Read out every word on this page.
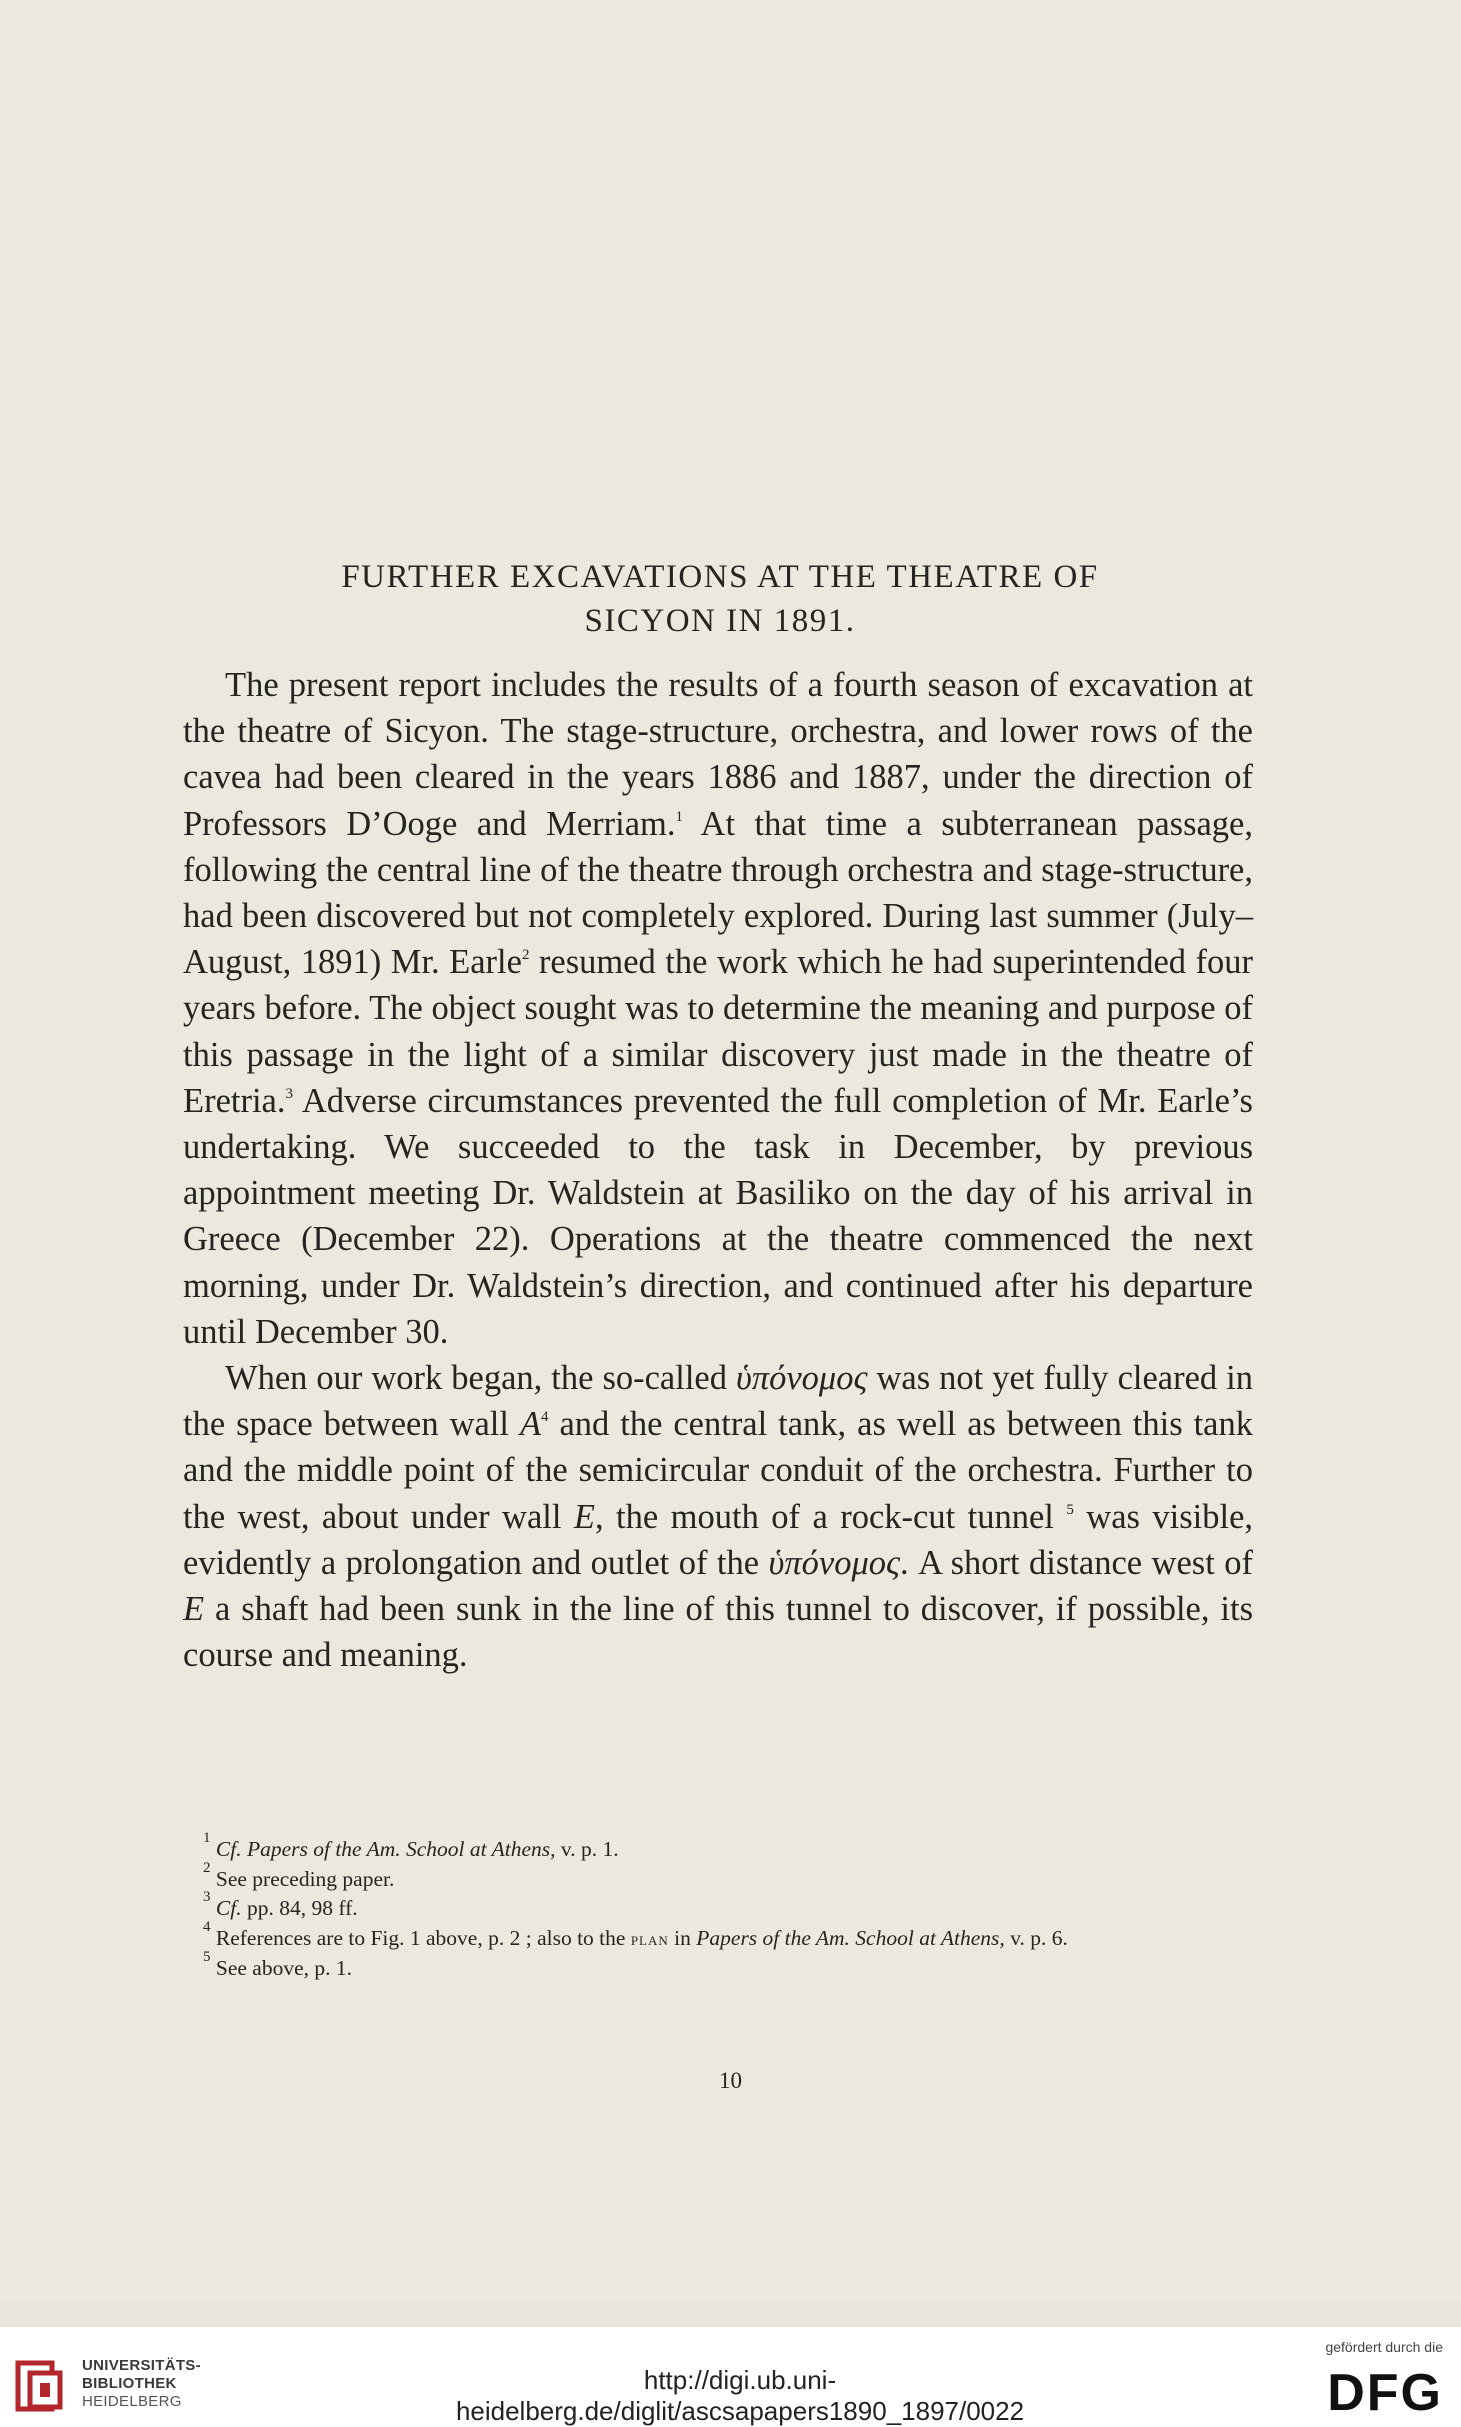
FURTHER EXCAVATIONS AT THE THEATRE OF
SICYON IN 1891.

The present report includes the results of a fourth season of excavation at the theatre of Sicyon. The stage-structure, orchestra, and lower rows of the cavea had been cleared in the years 1886 and 1887, under the direction of Professors D’Ooge and Merriam.$^1$ At that time a subterranean passage, following the central line of the theatre through orchestra and stage-structure, had been discovered but not completely explored. During last summer (July–August, 1891) Mr. Earle$^2$ resumed the work which he had superintended four years before. The object sought was to determine the meaning and purpose of this passage in the light of a similar discovery just made in the theatre of Eretria.$^3$ Adverse circumstances prevented the full completion of Mr. Earle’s undertaking. We succeeded to the task in December, by previous appointment meeting Dr. Waldstein at Basiliko on the day of his arrival in Greece (December 22). Operations at the theatre commenced the next morning, under Dr. Waldstein’s direction, and continued after his departure until December 30.

When our work began, the so-called ὑπόνομος was not yet fully cleared in the space between wall $A^4$ and the central tank, as well as between this tank and the middle point of the semicircular conduit of the orchestra. Further to the west, about under wall E, the mouth of a rock-cut tunnel $^5$ was visible, evidently a prolongation and outlet of the ὑπόνομος. A short distance west of E a shaft had been sunk in the line of this tunnel to discover, if possible, its course and meaning.

$^1$ Cf. Papers of the Am. School at Athens, v. p. 1.
$^2$ See preceding paper.
$^3$ Cf. pp. 84, 98 ff.
$^4$ References are to Fig. 1 above, p. 2 ; also to the plan in Papers of the Am. School at Athens, v. p. 6.
$^5$ See above, p. 1.
10
UNIVERSITÄTS-
BIBLIOTHEK
HEIDELBERG
http://digi.ub.uni-heidelberg.de/diglit/ascsapapers1890_1897/0022
gefördert durch die
DFG
